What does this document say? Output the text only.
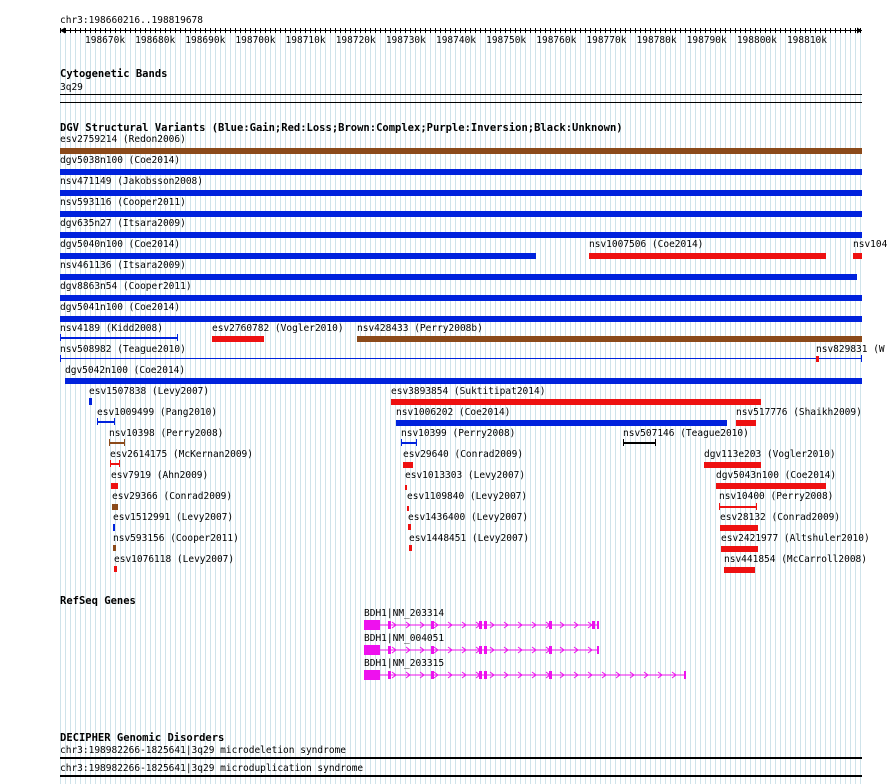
chr3:198660216..198819678
198670k 198680k 198690k 198700k 198710k 198720k 198730k 198740k 198750k 198760k 198770k 198780k 198790k 198800k 198810k
Cytogenetic Bands
3q29
DGV Structural Variants (Blue:Gain;Red:Loss;Brown:Complex;Purple:Inversion;Black:Unknown)
esv2759214 (Redon2006)
dgv5038n100 (Coe2014)
nsv471149 (Jakobsson2008)
nsv593116 (Cooper2011)
dgv635n27 (Itsara2009)
dgv5040n100 (Coe2014)	nsv1007506 (Coe2014)	nsv104
nsv461136 (Itsara2009)
dgv8863n54 (Cooper2011)
dgv5041n100 (Coe2014)
nsv4189 (Kidd2008)	esv2760782 (Vogler2010) nsv428433 (Perry2008b)
nsv508982 (Teague2010)	nsv829831 (W
dgv5042n100 (Coe2014)
esv1507838 (Levy2007)	esv3893854 (Suktitipat2014)
esv1009499 (Pang2010)	nsv1006202 (Coe2014)	nsv517776 (Shaikh2009)
nsv10398 (Perry2008)	nsv10399 (Perry2008)	nsv507146 (Teague2010)
esv2614175 (McKernan2009)	esv29640 (Conrad2009)	dgv113e203 (Vogler2010)
esv7919 (Ahn2009)	esv1013303 (Levy2007)	dgv5043n100 (Coe2014)
esv29366 (Conrad2009)	esv1109840 (Levy2007)	nsv10400 (Perry2008)
esv1512991 (Levy2007)	esv1436400 (Levy2007)	esv28132 (Conrad2009)
nsv593156 (Cooper2011)	esv1448451 (Levy2007)	esv2421977 (Altshuler2010)
esv1076118 (Levy2007)	nsv441854 (McCarroll2008)
RefSeq Genes
BDH1|NM_203314
BDH1|NM_004051
BDH1|NM_203315
DECIPHER Genomic Disorders
chr3:198982266-1825641|3q29 microdeletion syndrome
chr3:198982266-1825641|3q29 microduplication syndrome
